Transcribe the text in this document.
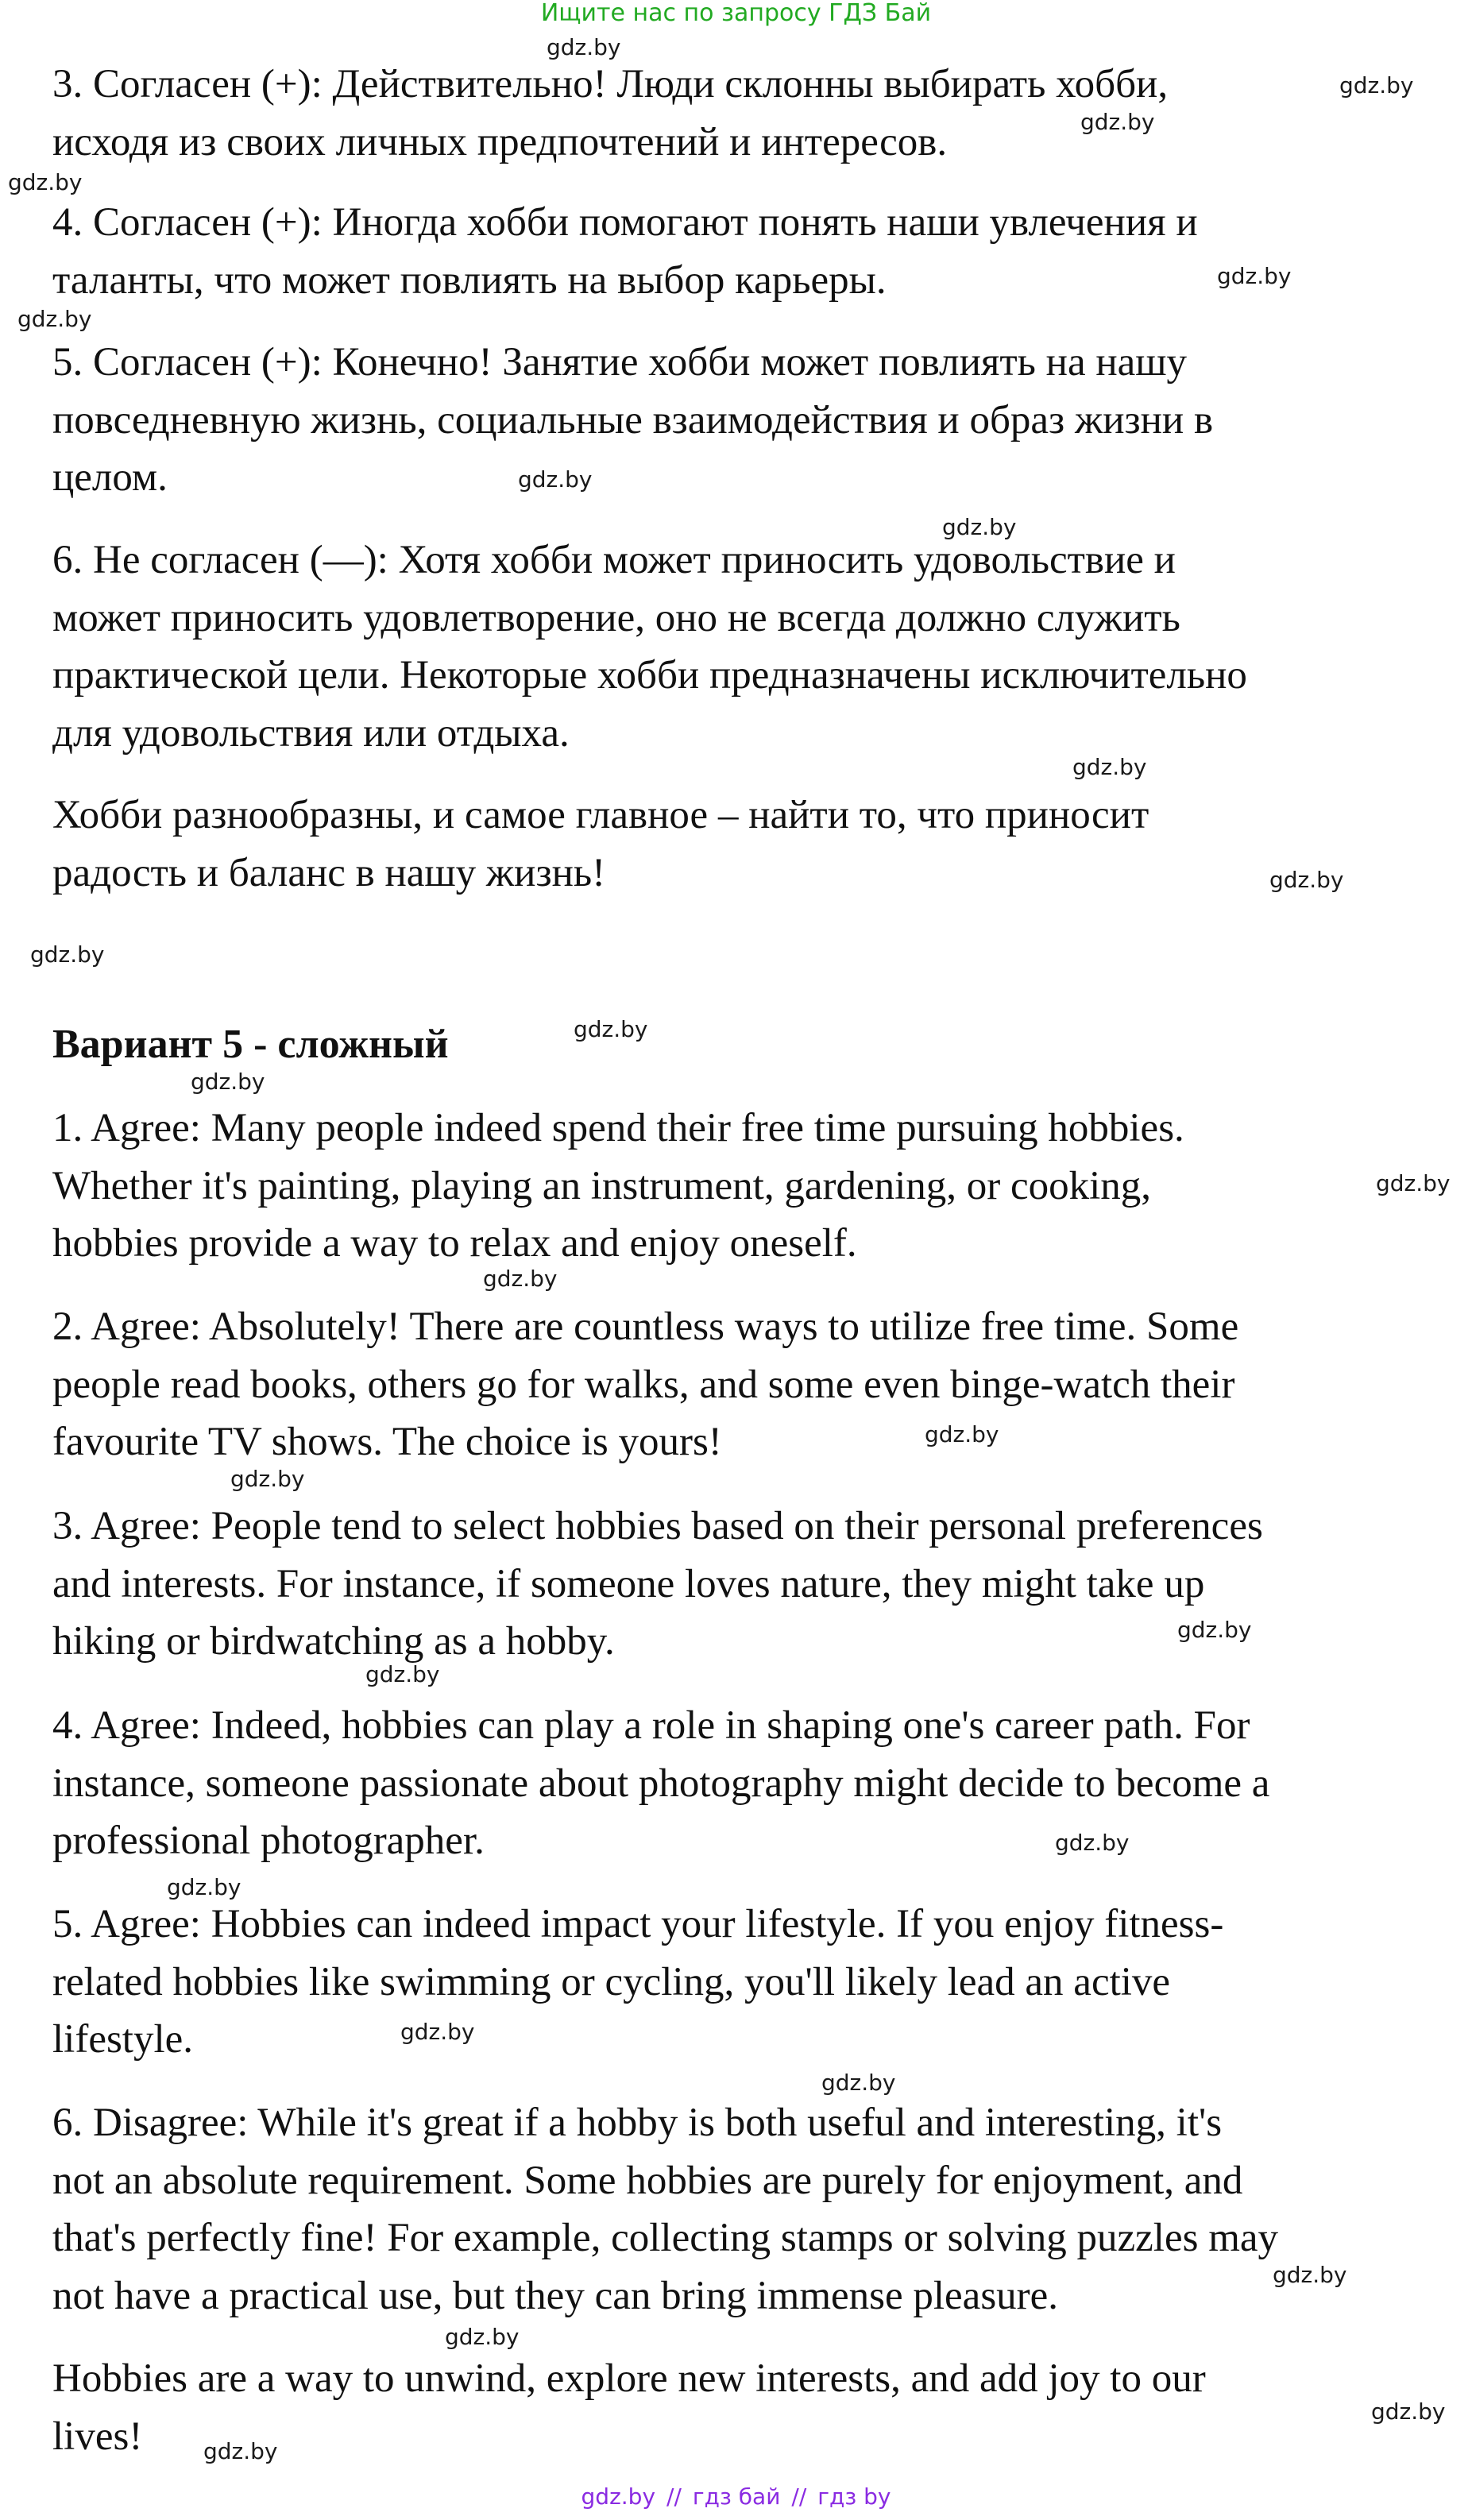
Ищите нас по запросу ГДЗ Бай

3. Согласен (+): Действительно! Люди склонны выбирать хобби,
исходя из своих личных предпочтений и интересов.

4. Согласен (+): Иногда хобби помогают понять наши увлечения и
таланты, что может повлиять на выбор карьеры.

5. Согласен (+): Конечно! Занятие хобби может повлиять на нашу
повседневную жизнь, социальные взаимодействия и образ жизни в
целом.

6. Не согласен (—): Хотя хобби может приносить удовольствие и
может приносить удовлетворение, оно не всегда должно служить
практической цели. Некоторые хобби предназначены исключительно
для удовольствия или отдыха.

Хобби разнообразны, и самое главное – найти то, что приносит
радость и баланс в нашу жизнь!

Вариант 5 - сложный

1. Agree: Many people indeed spend their free time pursuing hobbies.
Whether it's painting, playing an instrument, gardening, or cooking,
hobbies provide a way to relax and enjoy oneself.

2. Agree: Absolutely! There are countless ways to utilize free time. Some
people read books, others go for walks, and some even binge-watch their
favourite TV shows. The choice is yours!

3. Agree: People tend to select hobbies based on their personal preferences
and interests. For instance, if someone loves nature, they might take up
hiking or birdwatching as a hobby.

4. Agree: Indeed, hobbies can play a role in shaping one's career path. For
instance, someone passionate about photography might decide to become a
professional photographer.

5. Agree: Hobbies can indeed impact your lifestyle. If you enjoy fitness-
related hobbies like swimming or cycling, you'll likely lead an active
lifestyle.

6. Disagree: While it's great if a hobby is both useful and interesting, it's
not an absolute requirement. Some hobbies are purely for enjoyment, and
that's perfectly fine! For example, collecting stamps or solving puzzles may
not have a practical use, but they can bring immense pleasure.

Hobbies are a way to unwind, explore new interests, and add joy to our
lives!

gdz.by
gdz.by
gdz.by
gdz.by
gdz.by
gdz.by
gdz.by
gdz.by
gdz.by
gdz.by
gdz.by
gdz.by
gdz.by
gdz.by
gdz.by
gdz.by
gdz.by
gdz.by
gdz.by
gdz.by
gdz.by
gdz.by
gdz.by
gdz.by
gdz.by
gdz.by
gdz.by
gdz.by // гдз бай // гдз by
